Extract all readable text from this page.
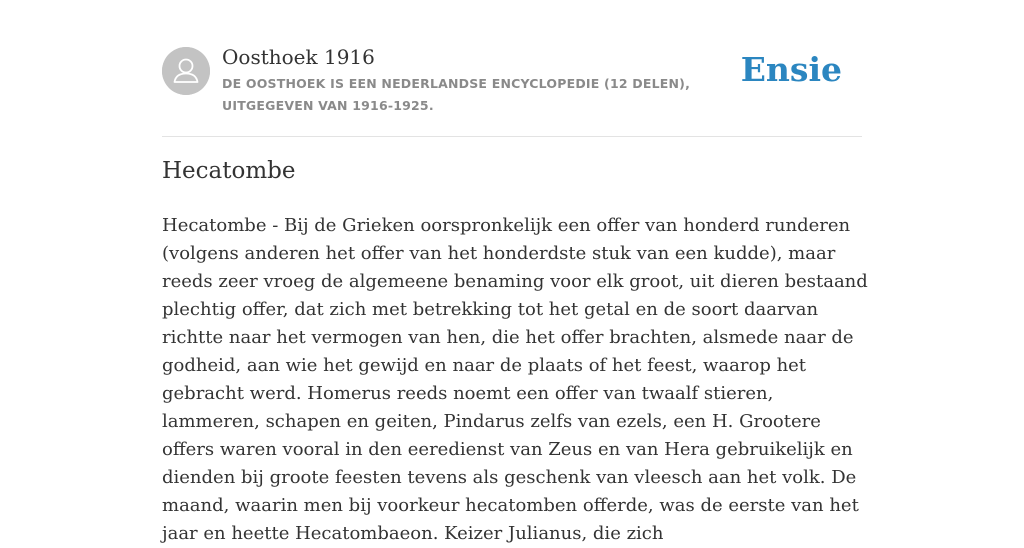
Oosthoek 1916
DE OOSTHOEK IS EEN NEDERLANDSE ENCYCLOPEDIE (12 DELEN), UITGEGEVEN VAN 1916-1925.
Ensie
Hecatombe

Hecatombe - Bij de Grieken oorspronkelijk een offer van honderd runderen (volgens anderen het offer van het honderdste stuk van een kudde), maar reeds zeer vroeg de algemeene benaming voor elk groot, uit dieren bestaand plechtig offer, dat zich met betrekking tot het getal en de soort daarvan richtte naar het vermogen van hen, die het offer brachten, alsmede naar de godheid, aan wie het gewijd en naar de plaats of het feest, waarop het gebracht werd. Homerus reeds noemt een offer van twaalf stieren, lammeren, schapen en geiten, Pindarus zelfs van ezels, een H. Grootere offers waren vooral in den eeredienst van Zeus en van Hera gebruikelijk en dienden bij groote feesten tevens als geschenk van vleesch aan het volk. De maand, waarin men bij voorkeur hecatomben offerde, was de eerste van het jaar en heette Hecatombaeon. Keizer Julianus, die zich
